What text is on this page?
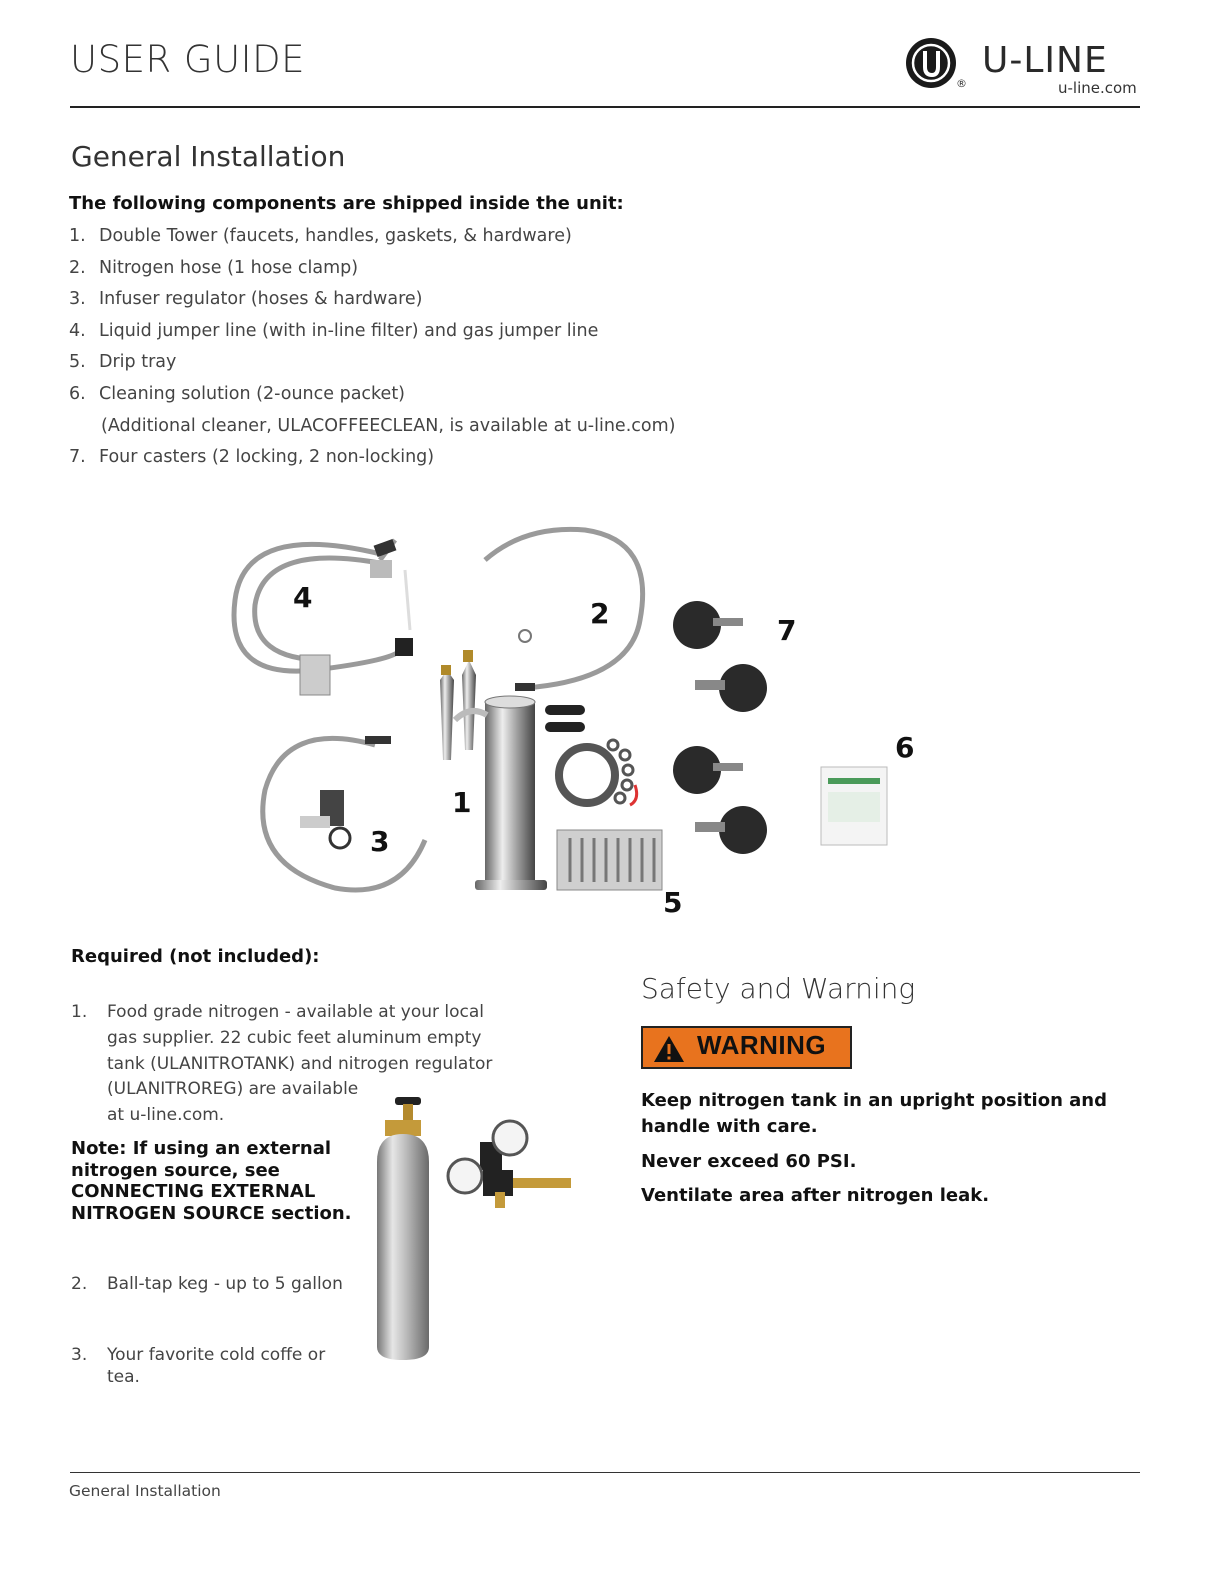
USER GUIDE
®
U-LINE
u-line.com
General Installation
The following components are shipped inside the unit:
1. Double Tower (faucets, handles, gaskets, & hardware)
2. Nitrogen hose (1 hose clamp)
3. Infuser regulator (hoses & hardware)
4. Liquid jumper line (with in-line filter) and gas jumper line
5. Drip tray
6. Cleaning solution (2-ounce packet)
(Additional cleaner, ULACOFFEECLEAN, is available at u-line.com)
7. Four casters (2 locking, 2 non-locking)
4	2
7
6
1
3
5
Required (not included):
1. Food grade nitrogen - available at your local
gas supplier. 22 cubic feet aluminum empty
tank (ULANITROTANK) and nitrogen regulator
(ULANITROREG) are available
at u-line.com.
Note: If using an external
nitrogen source, see
CONNECTING EXTERNAL
NITROGEN SOURCE section.
2. Ball-tap keg - up to 5 gallon
3. Your favorite cold coffe or
tea.
Safety and Warning
WARNING
Keep nitrogen tank in an upright position and
handle with care.
Never exceed 60 PSI.
Ventilate area after nitrogen leak.
General Installation
